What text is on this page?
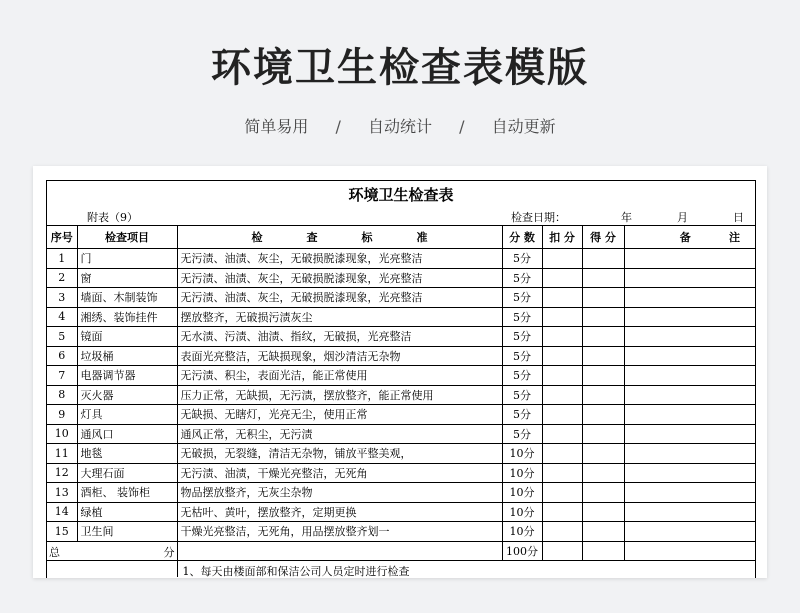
环境卫生检查表模版
简单易用 / 自动统计 / 自动更新
环境卫生检查表
附表（9）	检查日期：	年	月	日
序号	检查项目	检 查 标 准	分 数	扣 分	得 分	备 注

1	门	无污渍、油渍、灰尘，无破损脱漆现象，光亮整洁	5分			
2	窗	无污渍、油渍、灰尘，无破损脱漆现象，光亮整洁	5分			
3	墙面、木制装饰	无污渍、油渍、灰尘，无破损脱漆现象，光亮整洁	5分			
4	湘绣、装饰挂件	摆放整齐，无破损污渍灰尘	5分			
5	镜面	无水渍、污渍、油渍、指纹，无破损，光亮整洁	5分			
6	垃圾桶	表面光亮整洁，无缺损现象，烟沙清洁无杂物	5分			
7	电器调节器	无污渍、积尘，表面光洁，能正常使用	5分			
8	灭火器	压力正常，无缺损，无污渍，摆放整齐，能正常使用	5分			
9	灯具	无缺损、无瞎灯，光亮无尘，使用正常	5分			
10	通风口	通风正常，无积尘，无污渍	5分			
11	地毯	无破损，无裂缝，清洁无杂物，铺放平整美观，	10分			
12	大理石面	无污渍、油渍，干燥光亮整洁，无死角	10分			
13	酒柜、 装饰柜	物品摆放整齐，无灰尘杂物	10分			
14	绿植	无枯叶、黄叶，摆放整齐，定期更换	10分			
15	卫生间	干燥光亮整洁，无死角，用品摆放整齐划一	10分			

总 分			100分			
		1、每天由楼面部和保洁公司人员定时进行检查				
